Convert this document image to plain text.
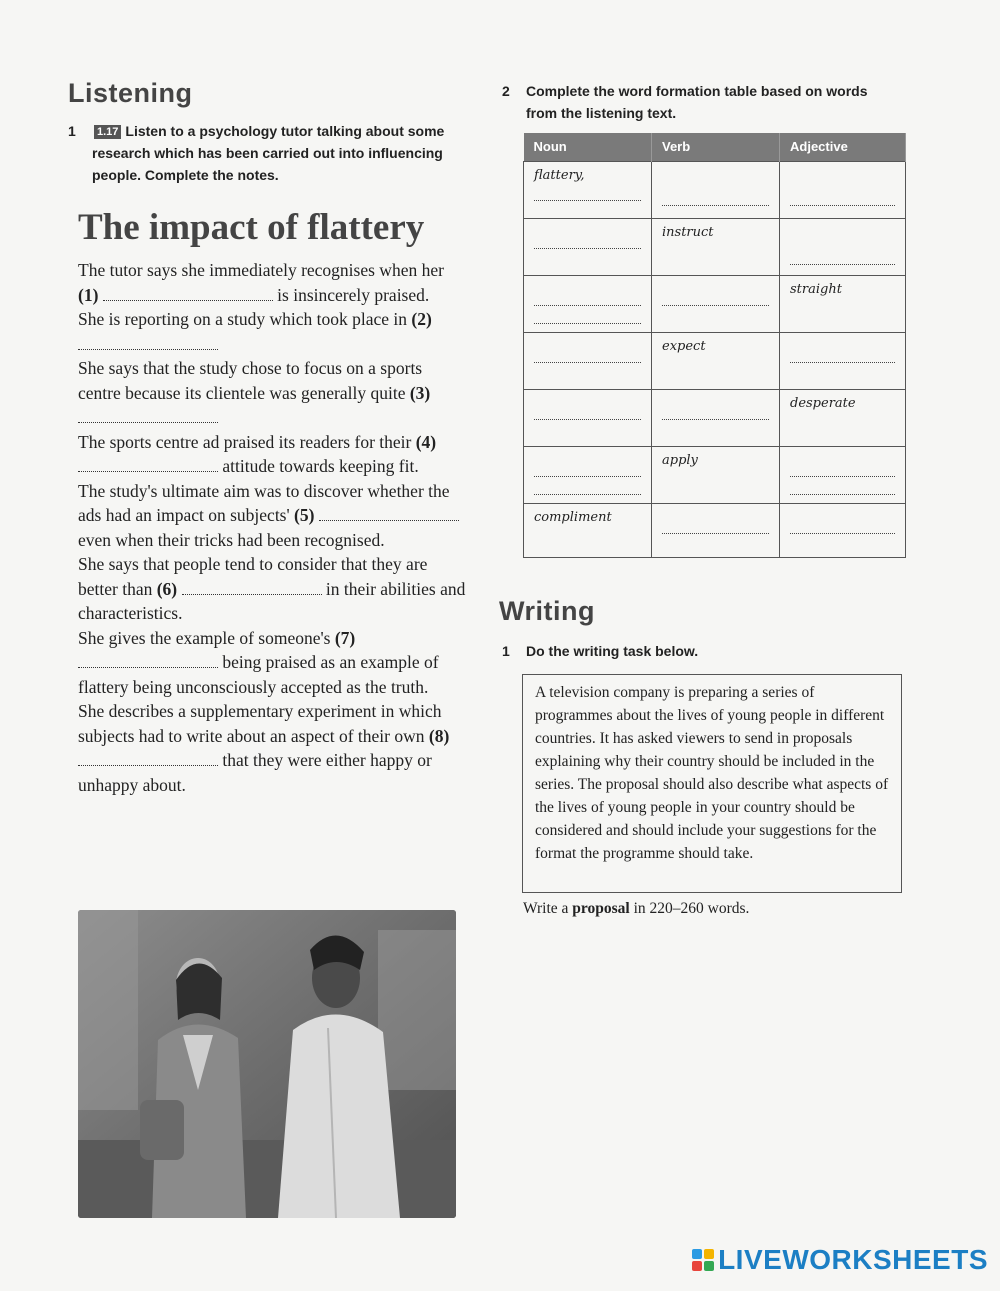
Listening
1	1.17 Listen to a psychology tutor talking about some research which has been carried out into influencing people. Complete the notes.
The impact of flattery

The tutor says she immediately recognises when her (1)	is insincerely praised.

She is reporting on a study which took place in (2)

She says that the study chose to focus on a sports centre because its clientele was generally quite (3)

The sports centre ad praised its readers for their (4)  attitude towards keeping fit.

The study's ultimate aim was to discover whether the ads had an impact on subjects' (5)  even when their tricks had been recognised.

She says that people tend to consider that they are better than (6)	in their abilities and characteristics.

She gives the example of someone's (7)  being praised as an example of flattery being unconsciously accepted as the truth.

She describes a supplementary experiment in which subjects had to write about an aspect of their own (8)  that they were either happy or unhappy about.

2	Complete the word formation table based on words from the listening text.
Noun	Verb	Adjective

flattery,		

	instruct	

		straight

	expect	

		desperate

	apply	

compliment		

Writing
1	Do the writing task below.
A television company is preparing a series of programmes about the lives of young people in different countries. It has asked viewers to send in proposals explaining why their country should be included in the series. The proposal should also describe what aspects of the lives of young people in your country should be considered and should include your suggestions for the format the programme should take.
Write a proposal in 220–260 words.
LIVEWORKSHEETS
